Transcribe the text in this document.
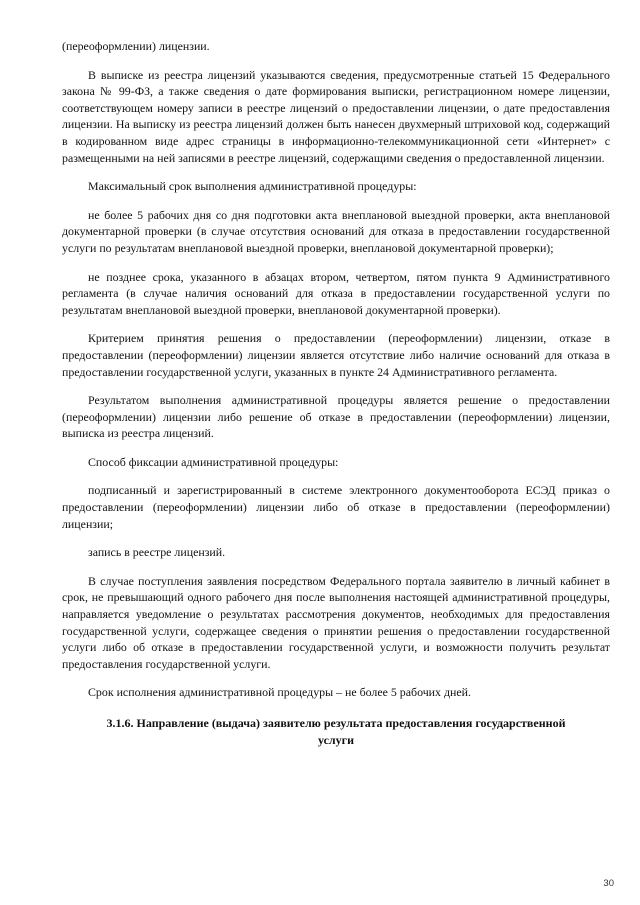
(переоформлении) лицензии.

В выписке из реестра лицензий указываются сведения, предусмотренные статьей 15 Федерального закона № 99-ФЗ, а также сведения о дате формирования выписки, регистрационном номере лицензии, соответствующем номеру записи в реестре лицензий о предоставлении лицензии, о дате предоставления лицензии. На выписку из реестра лицензий должен быть нанесен двухмерный штриховой код, содержащий в кодированном виде адрес страницы в информационно-телекоммуникационной сети «Интернет» с размещенными на ней записями в реестре лицензий, содержащими сведения о предоставленной лицензии.

Максимальный срок выполнения административной процедуры:

не более 5 рабочих дня со дня подготовки акта внеплановой выездной проверки, акта внеплановой документарной проверки (в случае отсутствия оснований для отказа в предоставлении государственной услуги по результатам внеплановой выездной проверки, внеплановой документарной проверки);

не позднее срока, указанного в абзацах втором, четвертом, пятом пункта 9 Административного регламента (в случае наличия оснований для отказа в предоставлении государственной услуги по результатам внеплановой выездной проверки, внеплановой документарной проверки).

Критерием принятия решения о предоставлении (переоформлении) лицензии, отказе в предоставлении (переоформлении) лицензии является отсутствие либо наличие оснований для отказа в предоставлении государственной услуги, указанных в пункте 24 Административного регламента.

Результатом выполнения административной процедуры является решение о предоставлении (переоформлении) лицензии либо решение об отказе в предоставлении (переоформлении) лицензии, выписка из реестра лицензий.

Способ фиксации административной процедуры:

подписанный и зарегистрированный в системе электронного документооборота ЕСЭД приказ о предоставлении (переоформлении) лицензии либо об отказе в предоставлении (переоформлении) лицензии;

запись в реестре лицензий.

В случае поступления заявления посредством Федерального портала заявителю в личный кабинет в срок, не превышающий одного рабочего дня после выполнения настоящей административной процедуры, направляется уведомление о результатах рассмотрения документов, необходимых для предоставления государственной услуги, содержащее сведения о принятии решения о предоставлении государственной услуги либо об отказе в предоставлении государственной услуги, и возможности получить результат предоставления государственной услуги.

Срок исполнения административной процедуры – не более 5 рабочих дней.

3.1.6. Направление (выдача) заявителю результата предоставления государственной услуги
30
